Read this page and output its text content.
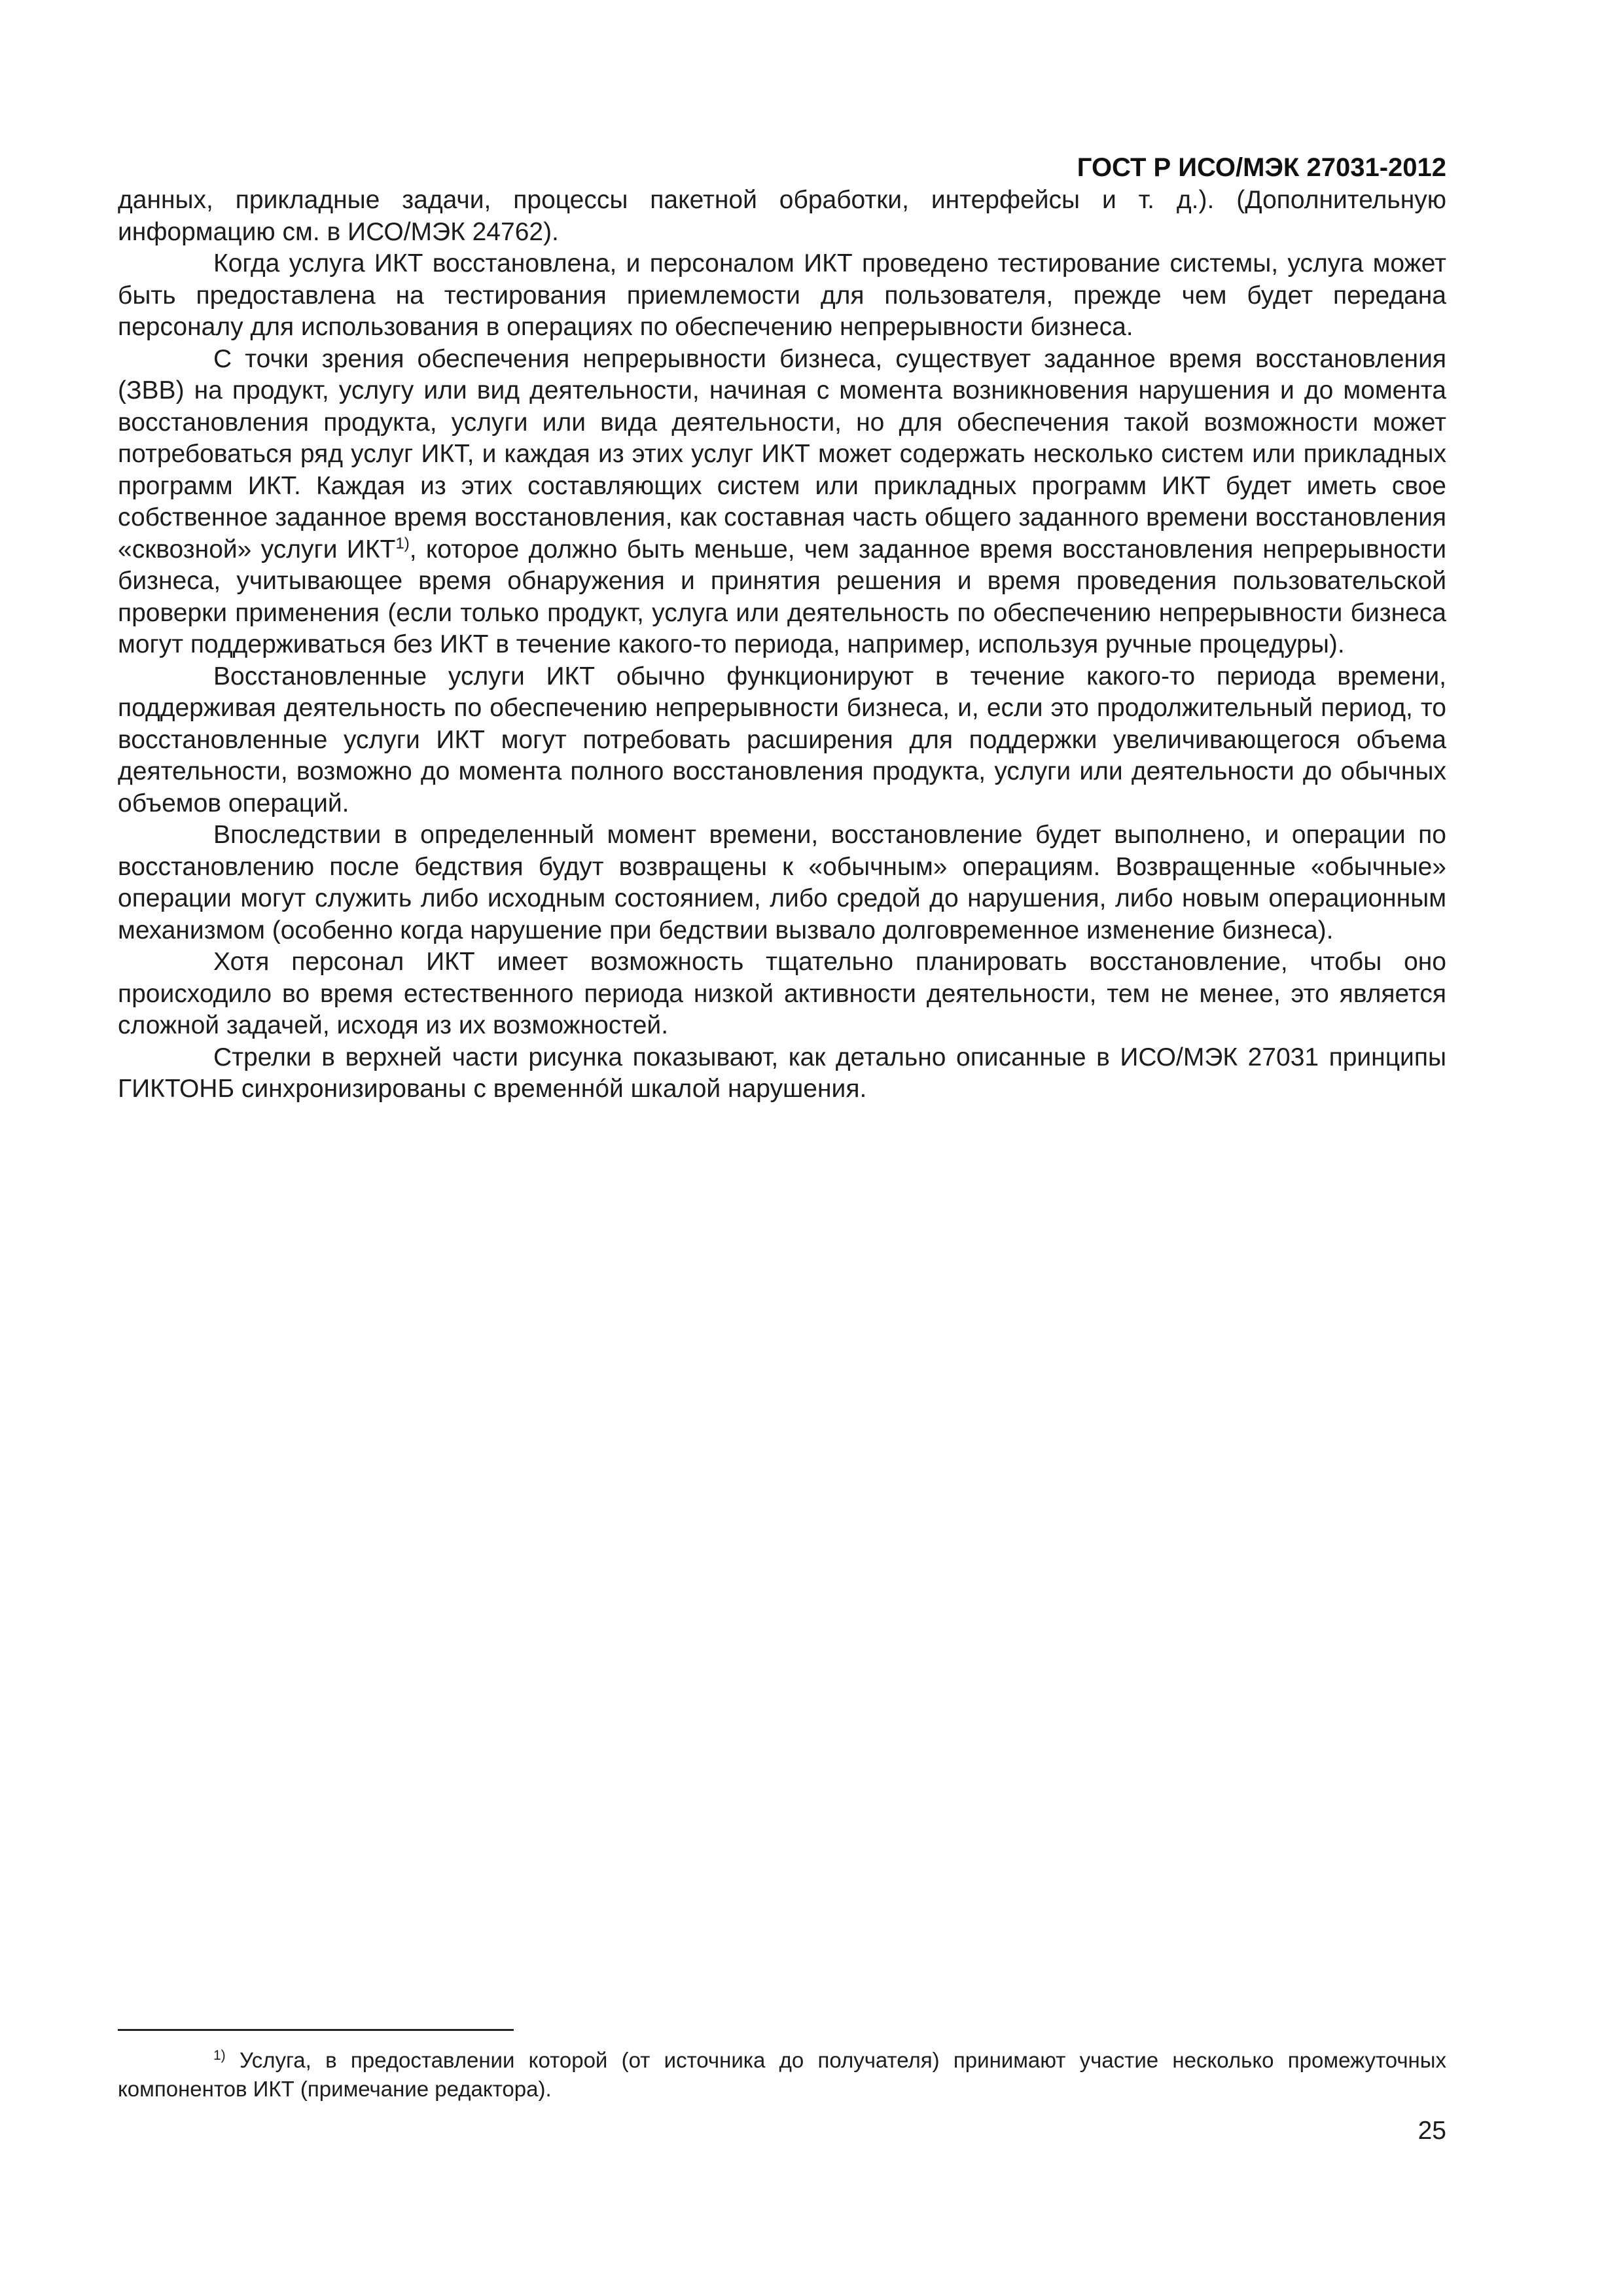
ГОСТ Р ИСО/МЭК 27031-2012

данных, прикладные задачи, процессы пакетной обработки, интерфейсы и т. д.). (Дополнительную информацию см. в ИСО/МЭК 24762).

Когда услуга ИКТ восстановлена, и персоналом ИКТ проведено тестирование системы, услуга может быть предоставлена на тестирования приемлемости для пользователя, прежде чем будет передана персоналу для использования в операциях по обеспечению непрерывности бизнеса.

С точки зрения обеспечения непрерывности бизнеса, существует заданное время восстановления (ЗВВ) на продукт, услугу или вид деятельности, начиная с момента возникновения нарушения и до момента восстановления продукта, услуги или вида деятельности, но для обеспечения такой возможности может потребоваться ряд услуг ИКТ, и каждая из этих услуг ИКТ может содержать несколько систем или прикладных программ ИКТ. Каждая из этих составляющих систем или прикладных программ ИКТ будет иметь свое собственное заданное время восстановления, как составная часть общего заданного времени восстановления «сквозной» услуги ИКТ$^{1)}$, которое должно быть меньше, чем заданное время восстановления непрерывности бизнеса, учитывающее время обнаружения и принятия решения и время проведения пользовательской проверки применения (если только продукт, услуга или деятельность по обеспечению непрерывности бизнеса могут поддерживаться без ИКТ в течение какого-то периода, например, используя ручные процедуры).

Восстановленные услуги ИКТ обычно функционируют в течение какого-то периода времени, поддерживая деятельность по обеспечению непрерывности бизнеса, и, если это продолжительный период, то восстановленные услуги ИКТ могут потребовать расширения для поддержки увеличивающегося объема деятельности, возможно до момента полного восстановления продукта, услуги или деятельности до обычных объемов операций.

Впоследствии в определенный момент времени, восстановление будет выполнено, и операции по восстановлению после бедствия будут возвращены к «обычным» операциям. Возвращенные «обычные» операции могут служить либо исходным состоянием, либо средой до нарушения, либо новым операционным механизмом (особенно когда нарушение при бедствии вызвало долговременное изменение бизнеса).

Хотя персонал ИКТ имеет возможность тщательно планировать восстановление, чтобы оно происходило во время естественного периода низкой активности деятельности, тем не менее, это является сложной задачей, исходя из их возможностей.

Стрелки в верхней части рисунка показывают, как детально описанные в ИСО/МЭК 27031 принципы ГИКТОНБ синхронизированы с временнóй шкалой нарушения.

$^{1)}$ Услуга, в предоставлении которой (от источника до получателя) принимают участие несколько промежуточных компонентов ИКТ (примечание редактора).

25
